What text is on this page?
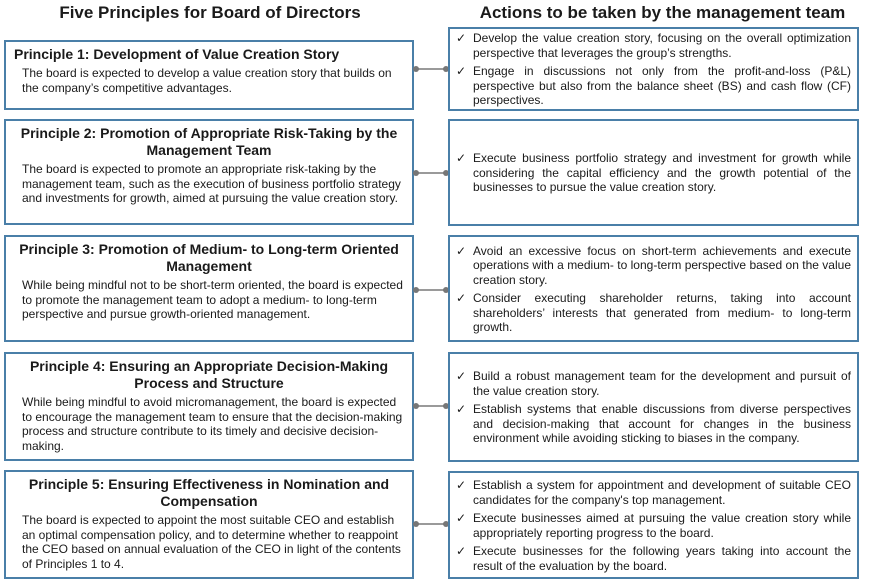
Five Principles for Board of Directors	Actions to be taken by the management team
Principle 1: Development of Value Creation Story
The board is expected to develop a value creation story that builds on the company’s competitive advantages.
✓ Develop the value creation story, focusing on the overall optimization perspective that leverages the group’s strengths.
✓ Engage in discussions not only from the profit-and-loss (P&L) perspective but also from the balance sheet (BS) and cash flow (CF) perspectives.
Principle 2: Promotion of Appropriate Risk-Taking by the Management Team
The board is expected to promote an appropriate risk-taking by the management team, such as the execution of business portfolio strategy and investments for growth, aimed at pursuing the value creation story.
✓ Execute business portfolio strategy and investment for growth while considering the capital efficiency and the growth potential of the businesses to pursue the value creation story.
Principle 3: Promotion of Medium- to Long-term Oriented Management
While being mindful not to be short-term oriented, the board is expected to promote the management team to adopt a medium- to long-term perspective and pursue growth-oriented management.
✓ Avoid an excessive focus on short-term achievements and execute operations with a medium- to long-term perspective based on the value creation story.
✓ Consider executing shareholder returns, taking into account shareholders’ interests that generated from medium- to long-term growth.
Principle 4: Ensuring an Appropriate Decision-Making Process and Structure
While being mindful to avoid micromanagement, the board is expected to encourage the management team to ensure that the decision-making process and structure contribute to its timely and decisive decision-making.
✓ Build a robust management team for the development and pursuit of the value creation story.
✓ Establish systems that enable discussions from diverse perspectives and decision-making that account for changes in the business environment while avoiding sticking to biases in the company.
Principle 5: Ensuring Effectiveness in Nomination and Compensation
The board is expected to appoint the most suitable CEO and establish an optimal compensation policy, and to determine whether to reappoint the CEO based on annual evaluation of the CEO in light of the contents of Principles 1 to 4.
✓ Establish a system for appointment and development of suitable CEO candidates for the company's top management.
✓ Execute businesses aimed at pursuing the value creation story while appropriately reporting progress to the board.
✓ Execute businesses for the following years taking into account the result of the evaluation by the board.
